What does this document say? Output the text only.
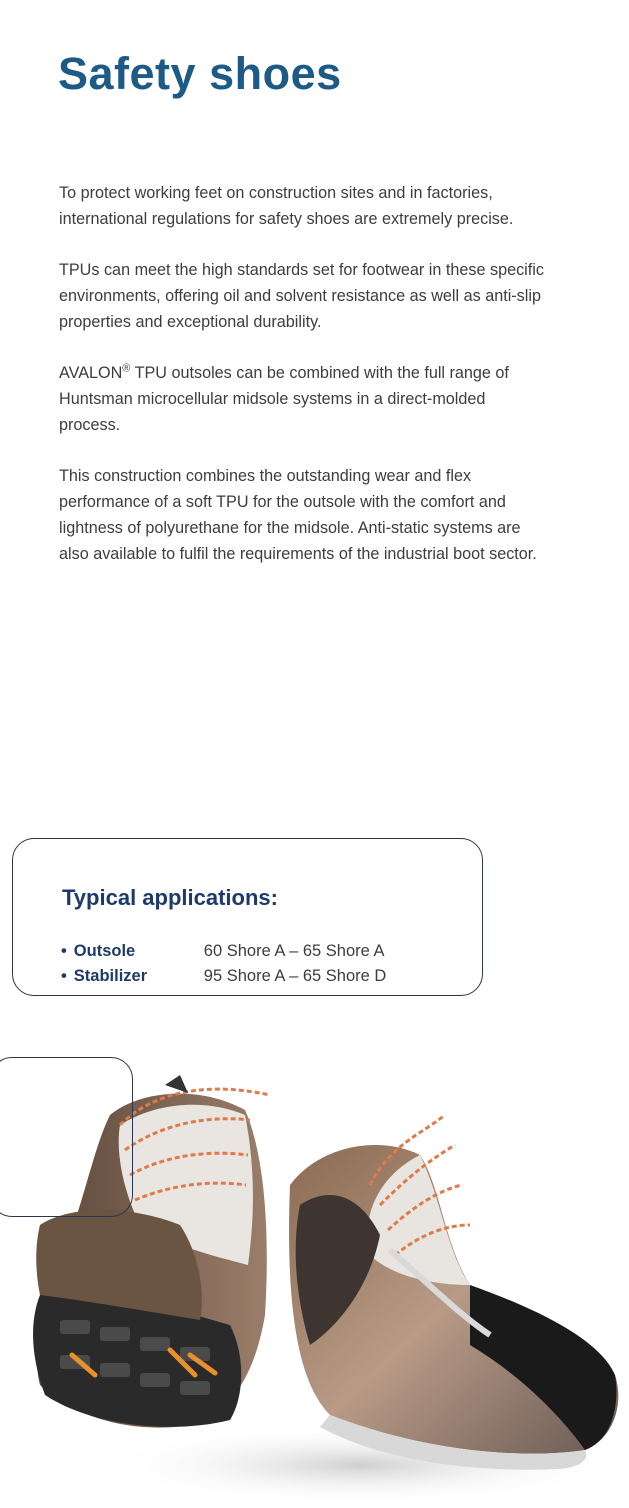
Safety shoes

To protect working feet on construction sites and in factories, international regulations for safety shoes are extremely precise.

TPUs can meet the high standards set for footwear in these specific environments, offering oil and solvent resistance as well as anti-slip properties and exceptional durability.

AVALON® TPU outsoles can be combined with the full range of Huntsman microcellular midsole systems in a direct-molded process.

This construction combines the outstanding wear and flex performance of a soft TPU for the outsole with the comfort and lightness of polyurethane for the midsole. Anti-static systems are also available to fulfil the requirements of the industrial boot sector.

Typical applications:
• Outsole	60 Shore A – 65 Shore A
• Stabilizer	95 Shore A – 65 Shore D
